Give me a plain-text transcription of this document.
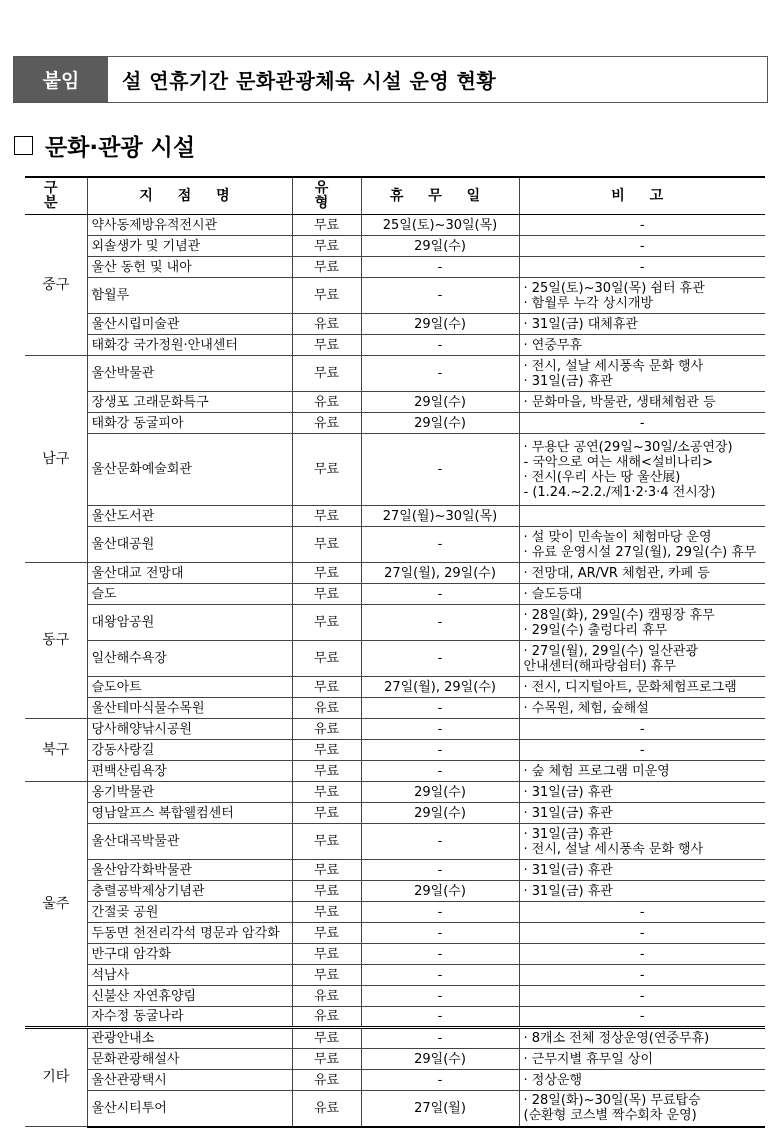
붙임	설 연휴기간 문화관광체육 시설 운영 현황
문화·관광 시설
구 분	지 점 명	유 형	휴 무 일	비 고
중구	약사동제방유적전시관	무료	25일(토)~30일(목)	-
	외솔생가 및 기념관	무료	29일(수)	-
	울산 동헌 및 내아	무료	-	-
	함월루	무료	-	· 25일(토)~30일(목) 쉼터 휴관
· 함월루 누각 상시개방
	울산시립미술관	유료	29일(수)	· 31일(금) 대체휴관
	태화강 국가정원·안내센터	무료	-	· 연중무휴
남구	울산박물관	무료	-	· 전시, 설날 세시풍속 문화 행사
· 31일(금) 휴관
	장생포 고래문화특구	유료	29일(수)	· 문화마을, 박물관, 생태체험관 등
	태화강 동굴피아	유료	29일(수)	-
	울산문화예술회관	무료	-	· 무용단 공연(29일~30일/소공연장)
- 국악으로 여는 새해<설비나리>
· 전시(우리 사는 땅 울산展)
- (1.24.~2.2./제1·2·3·4 전시장)
	울산도서관	무료	27일(월)~30일(목)	
	울산대공원	무료	-	· 설 맞이 민속놀이 체험마당 운영
· 유료 운영시설 27일(월), 29일(수) 휴무
동구	울산대교 전망대	무료	27일(월), 29일(수)	· 전망대, AR/VR 체험관, 카페 등
	슬도	무료	-	· 슬도등대
	대왕암공원	무료	-	· 28일(화), 29일(수) 캠핑장 휴무
· 29일(수) 출렁다리 휴무
	일산해수욕장	무료	-	· 27일(월), 29일(수) 일산관광
안내센터(해파랑쉼터) 휴무
	슬도아트	무료	27일(월), 29일(수)	· 전시, 디지털아트, 문화체험프로그램
	울산테마식물수목원	유료	-	· 수목원, 체험, 숲해설
북구	당사해양낚시공원	유료	-	-
	강동사랑길	무료	-	-
	편백산림욕장	무료	-	· 숲 체험 프로그램 미운영
울주	옹기박물관	무료	29일(수)	· 31일(금) 휴관
	영남알프스 복합웰컴센터	무료	29일(수)	· 31일(금) 휴관
	울산대곡박물관	무료	-	· 31일(금) 휴관
· 전시, 설날 세시풍속 문화 행사
	울산암각화박물관	무료	-	· 31일(금) 휴관
	충렬공박제상기념관	무료	29일(수)	· 31일(금) 휴관
	간절곶 공원	무료	-	-
	두동면 천전리각석 명문과 암각화	무료	-	-
	반구대 암각화	무료	-	-
	석남사	무료	-	-
	신불산 자연휴양림	유료	-	-
	자수정 동굴나라	유료	-	-
기타	관광안내소	무료	-	· 8개소 전체 정상운영(연중무휴)
	문화관광해설사	무료	29일(수)	· 근무지별 휴무일 상이
	울산관광택시	유료	-	· 정상운행
	울산시티투어	유료	27일(월)	· 28일(화)~30일(목) 무료탑승
(순환형 코스별 짝수회차 운영)
